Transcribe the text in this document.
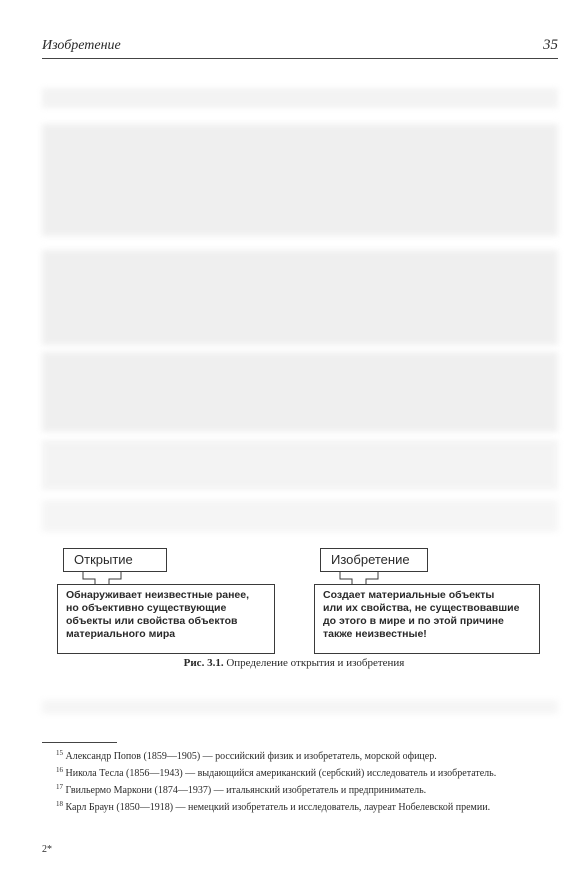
Изобретение	35
Открытие
Обнаруживает неизвестные ранее,
но объективно существующие
объекты или свойства объектов
материального мира
Изобретение
Создает материальные объекты
или их свойства, не существовавшие
до этого в мире и по этой причине
также неизвестные!
Рис. 3.1. Определение открытия и изобретения

$^{15}$ Александр Попов (1859—1905) — российский физик и изобретатель, морской офицер.

$^{16}$ Никола Тесла (1856—1943) — выдающийся американский (сербский) исследователь и изобретатель.

$^{17}$ Гвильермо Маркони (1874—1937) — итальянский изобретатель и предприниматель.

$^{18}$ Карл Браун (1850—1918) — немецкий изобретатель и исследователь, лауреат Нобелевской премии.

2*
